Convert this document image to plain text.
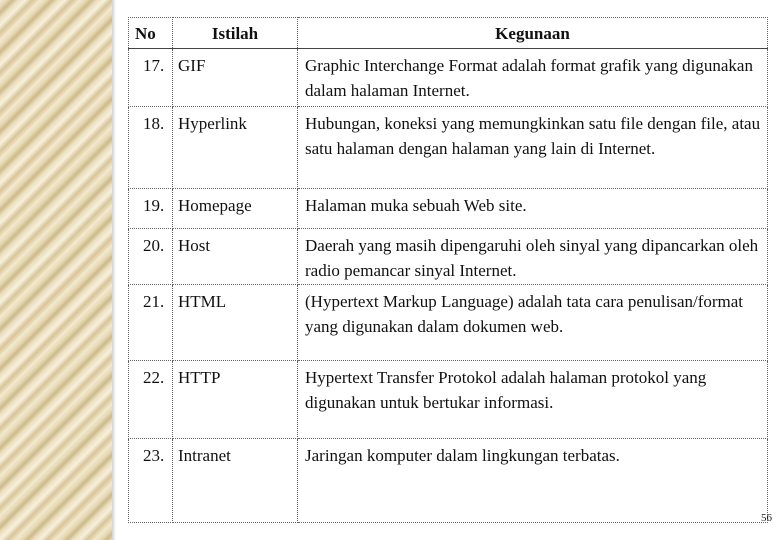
No	Istilah	Kegunaan
17.	GIF	Graphic Interchange Format adalah format grafik yang digunakan dalam halaman Internet.
18.	Hyperlink	Hubungan, koneksi yang memungkinkan satu file dengan file, atau satu halaman dengan halaman yang lain di Internet.
19.	Homepage	Halaman muka sebuah Web site.
20.	Host	Daerah yang masih dipengaruhi oleh sinyal yang dipancarkan oleh radio pemancar sinyal Internet.
21.	HTML	(Hypertext Markup Language) adalah tata cara penulisan/format yang digunakan dalam dokumen web.
22.	HTTP	Hypertext Transfer Protokol adalah halaman protokol yang digunakan untuk bertukar informasi.
23.	Intranet	Jaringan komputer dalam lingkungan terbatas.
56
